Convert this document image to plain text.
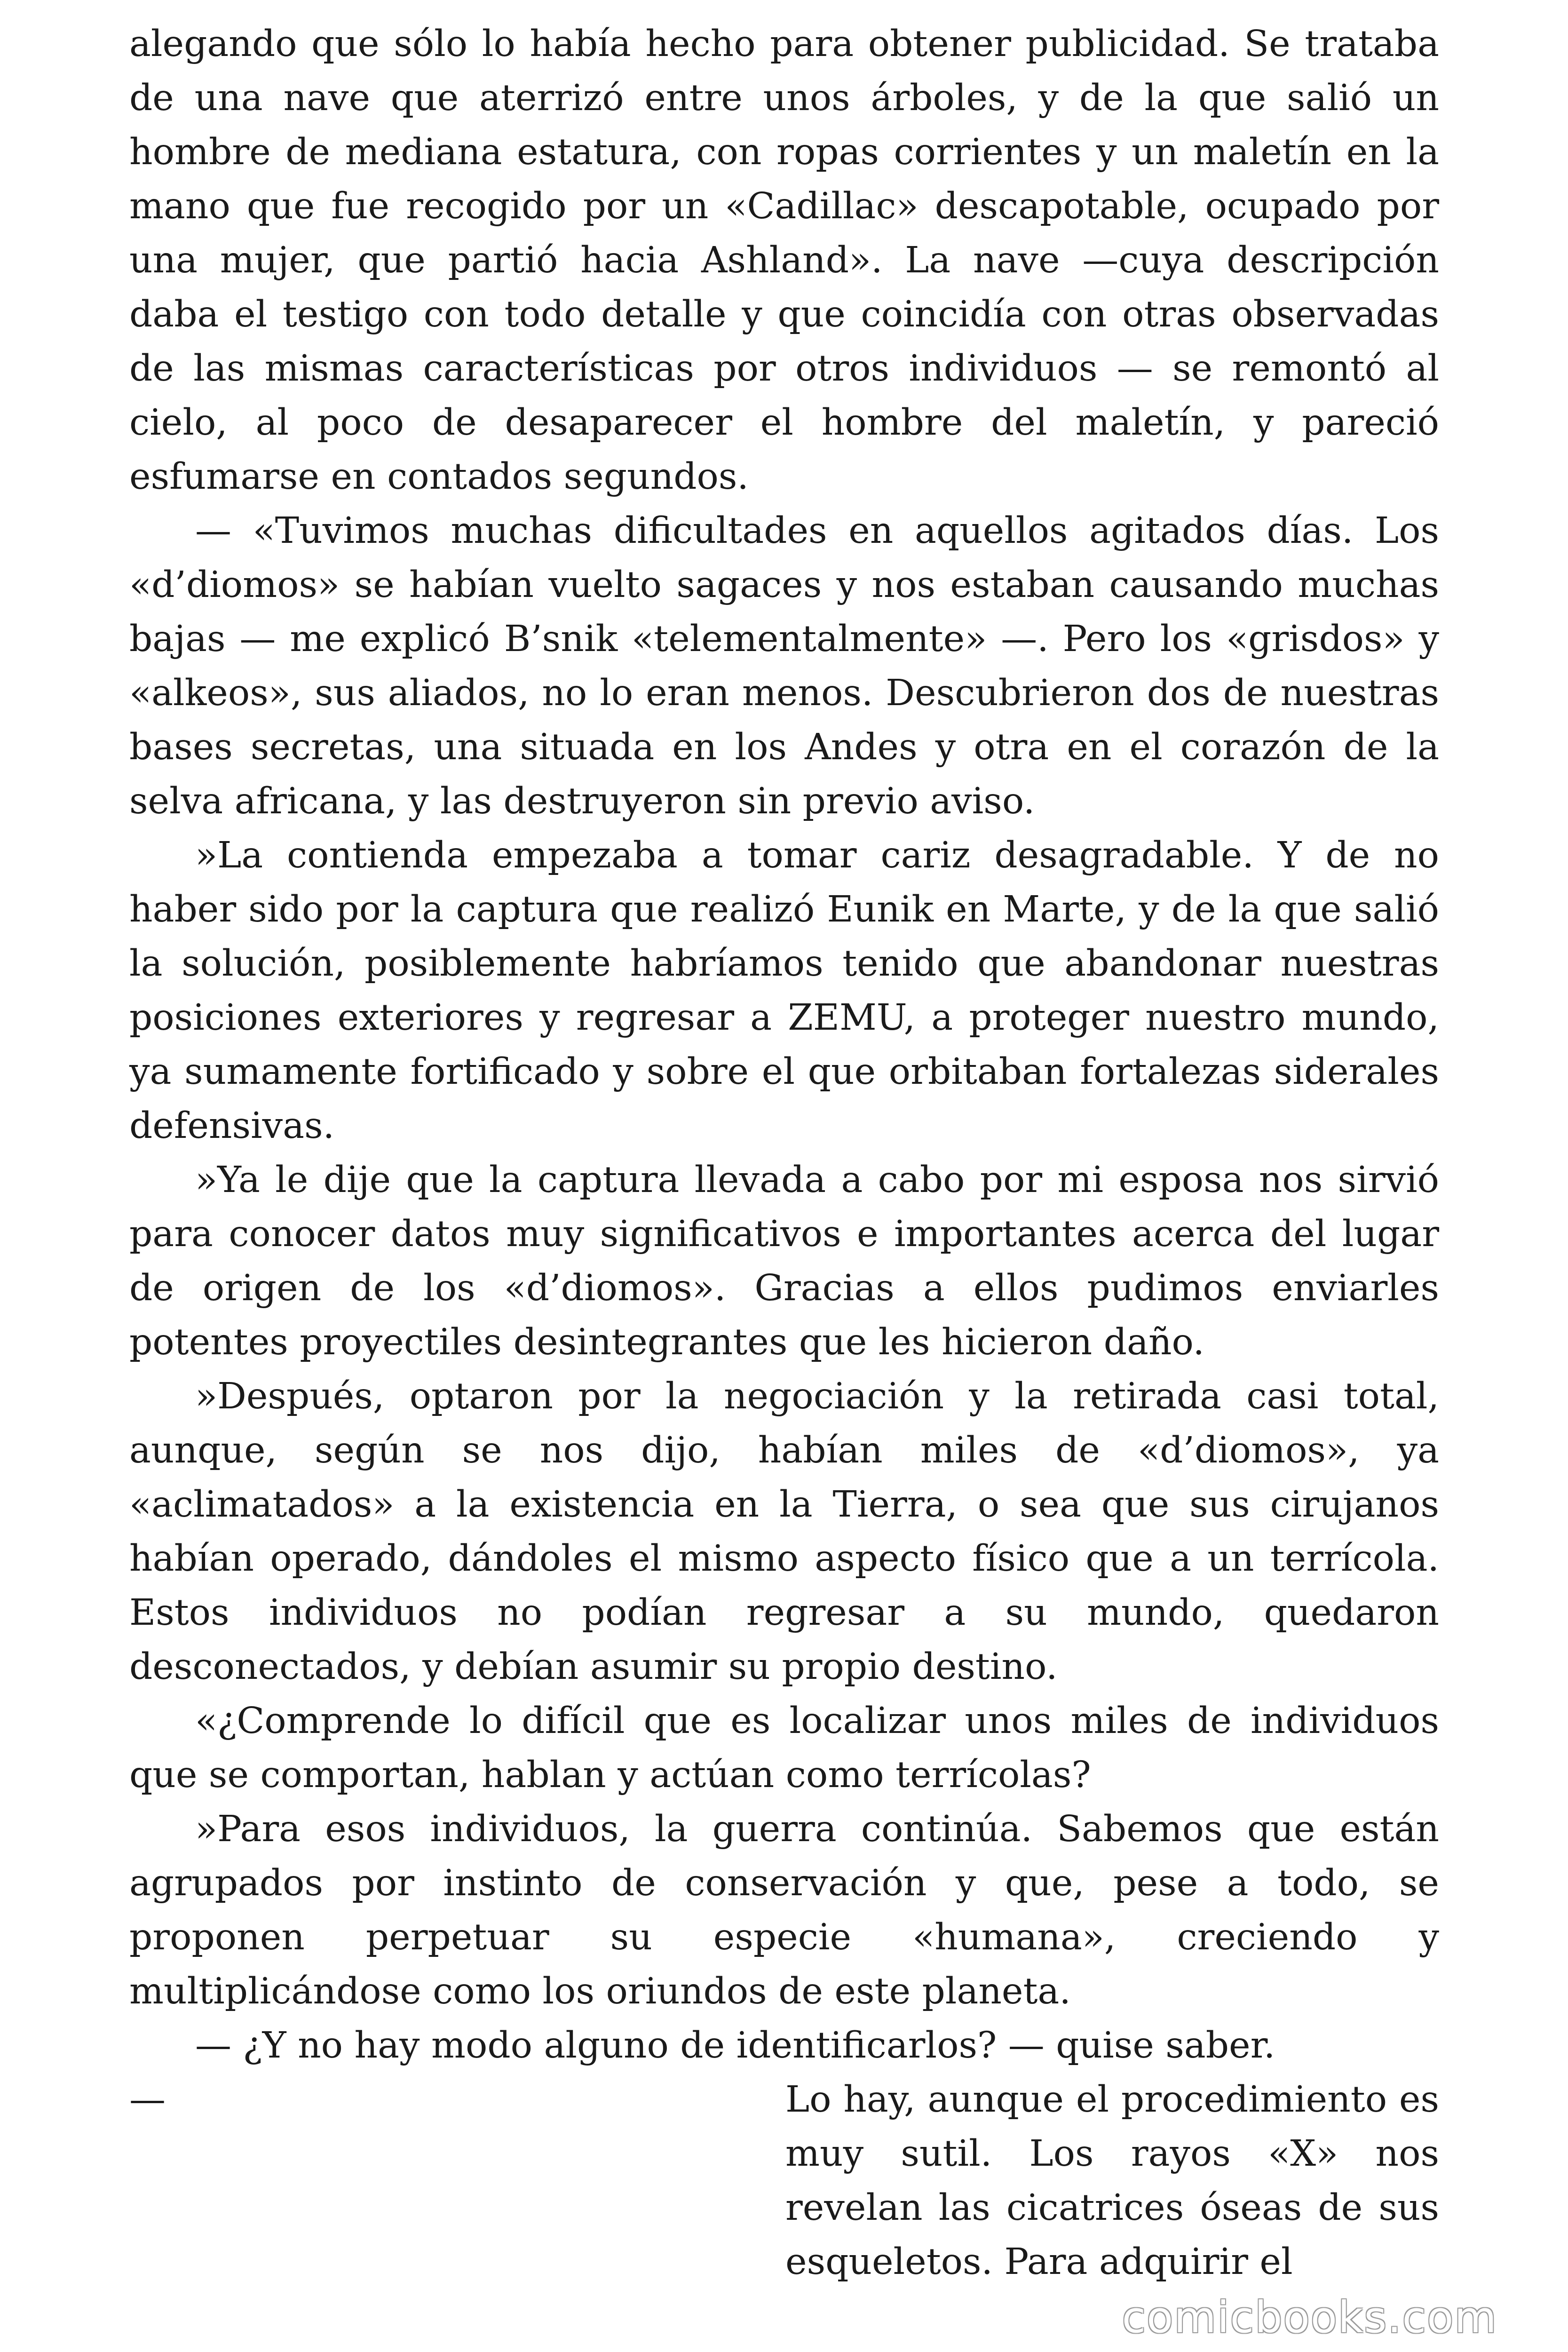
alegando que sólo lo había hecho para obtener publicidad. Se trataba de una nave que aterrizó entre unos árboles, y de la que salió un hombre de mediana estatura, con ropas corrientes y un maletín en la mano que fue recogido por un «Cadillac» descapotable, ocupado por una mujer, que partió hacia Ashland». La nave —cuya descripción daba el testigo con todo detalle y que coincidía con otras observadas de las mismas características por otros individuos — se remontó al cielo, al poco de desaparecer el hombre del maletín, y pareció esfumarse en contados segundos.

— «Tuvimos muchas dificultades en aquellos agitados días. Los «d’diomos» se habían vuelto sagaces y nos estaban causando muchas bajas — me explicó B’snik «telementalmente» —. Pero los «grisdos» y «alkeos», sus aliados, no lo eran menos. Descubrieron dos de nuestras bases secretas, una situada en los Andes y otra en el corazón de la selva africana, y las destruyeron sin previo aviso.

»La contienda empezaba a tomar cariz desagradable. Y de no haber sido por la captura que realizó Eunik en Marte, y de la que salió la solución, posiblemente habríamos tenido que abandonar nuestras posiciones exteriores y regresar a ZEMU, a proteger nuestro mundo, ya sumamente fortificado y sobre el que orbitaban fortalezas siderales defensivas.

»Ya le dije que la captura llevada a cabo por mi esposa nos sirvió para conocer datos muy significativos e importantes acerca del lugar de origen de los «d’diomos». Gracias a ellos pudimos enviarles potentes proyectiles desintegrantes que les hicieron daño.

»Después, optaron por la negociación y la retirada casi total, aunque, según se nos dijo, habían miles de «d’diomos», ya «aclimatados» a la existencia en la Tierra, o sea que sus cirujanos habían operado, dándoles el mismo aspecto físico que a un terrícola. Estos individuos no podían regresar a su mundo, quedaron desconectados, y debían asumir su propio destino.

«¿Comprende lo difícil que es localizar unos miles de individuos que se comportan, hablan y actúan como terrícolas?

»Para esos individuos, la guerra continúa. Sabemos que están agrupados por instinto de conservación y que, pese a todo, se proponen perpetuar su especie «humana», creciendo y multiplicándose como los oriundos de este planeta.

— ¿Y no hay modo alguno de identificarlos? — quise saber.

—	Lo hay, aunque el procedimiento es muy sutil. Los rayos «X» nos revelan las cicatrices óseas de sus esqueletos. Para adquirir el
comicbooks.com
